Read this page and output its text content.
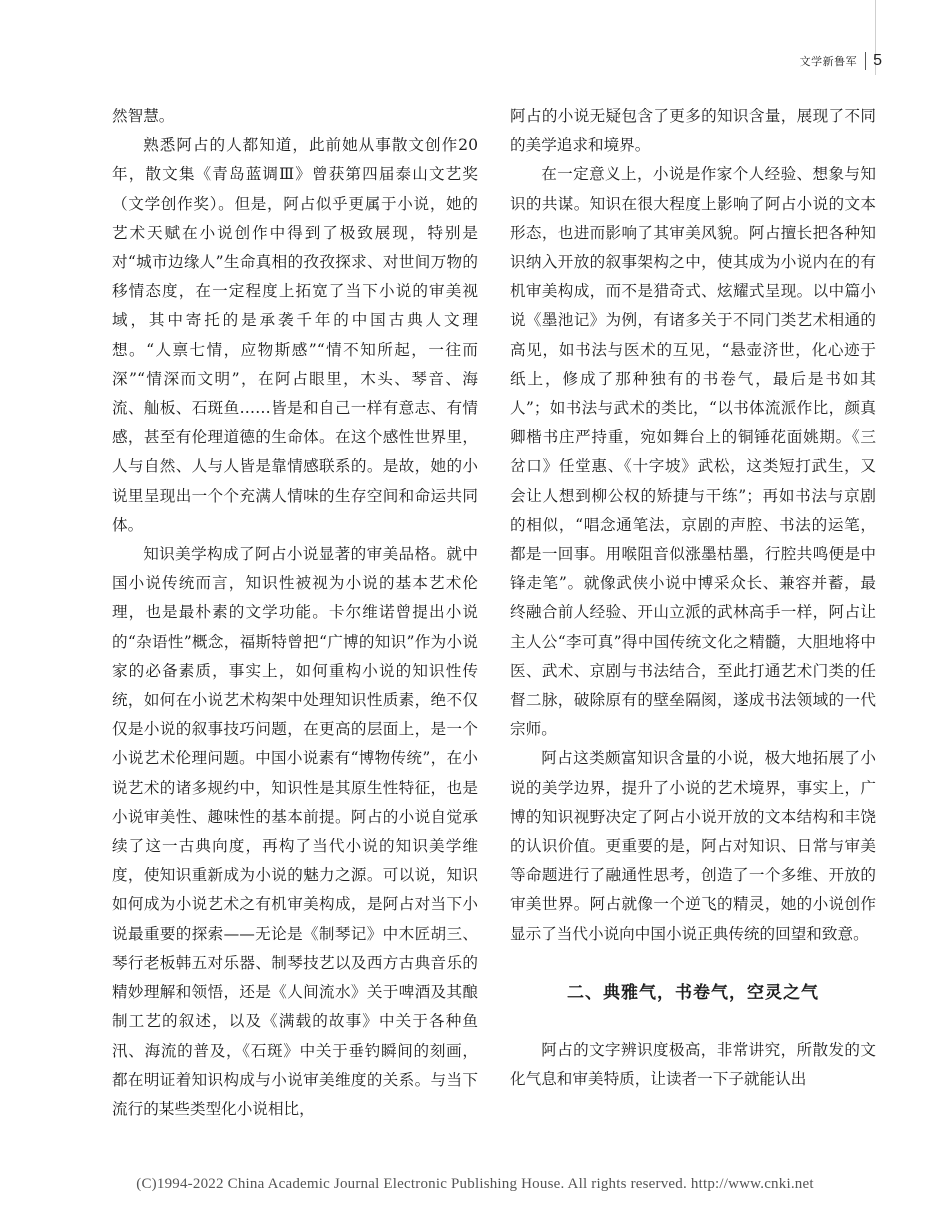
文学新鲁军 5

然智慧。

熟悉阿占的人都知道，此前她从事散文创作20年，散文集《青岛蓝调Ⅲ》曾获第四届泰山文艺奖（文学创作奖）。但是，阿占似乎更属于小说，她的艺术天赋在小说创作中得到了极致展现，特别是对“城市边缘人”生命真相的孜孜探求、对世间万物的移情态度，在一定程度上拓宽了当下小说的审美视域，其中寄托的是承袭千年的中国古典人文理想。“人禀七情，应物斯感”“情不知所起，一往而深”“情深而文明”，在阿占眼里，木头、琴音、海流、舢板、石斑鱼……皆是和自己一样有意志、有情感，甚至有伦理道德的生命体。在这个感性世界里，人与自然、人与人皆是靠情感联系的。是故，她的小说里呈现出一个个充满人情味的生存空间和命运共同体。

知识美学构成了阿占小说显著的审美品格。就中国小说传统而言，知识性被视为小说的基本艺术伦理，也是最朴素的文学功能。卡尔维诺曾提出小说的“杂语性”概念，福斯特曾把“广博的知识”作为小说家的必备素质，事实上，如何重构小说的知识性传统，如何在小说艺术构架中处理知识性质素，绝不仅仅是小说的叙事技巧问题，在更高的层面上，是一个小说艺术伦理问题。中国小说素有“博物传统”，在小说艺术的诸多规约中，知识性是其原生性特征，也是小说审美性、趣味性的基本前提。阿占的小说自觉承续了这一古典向度，再构了当代小说的知识美学维度，使知识重新成为小说的魅力之源。可以说，知识如何成为小说艺术之有机审美构成，是阿占对当下小说最重要的探索——无论是《制琴记》中木匠胡三、琴行老板韩五对乐器、制琴技艺以及西方古典音乐的精妙理解和领悟，还是《人间流水》关于啤酒及其酿制工艺的叙述，以及《满载的故事》中关于各种鱼汛、海流的普及，《石斑》中关于垂钓瞬间的刻画，都在明证着知识构成与小说审美维度的关系。与当下流行的某些类型化小说相比，

阿占的小说无疑包含了更多的知识含量，展现了不同的美学追求和境界。

在一定意义上，小说是作家个人经验、想象与知识的共谋。知识在很大程度上影响了阿占小说的文本形态，也进而影响了其审美风貌。阿占擅长把各种知识纳入开放的叙事架构之中，使其成为小说内在的有机审美构成，而不是猎奇式、炫耀式呈现。以中篇小说《墨池记》为例，有诸多关于不同门类艺术相通的高见，如书法与医术的互见，“悬壶济世，化心迹于纸上，修成了那种独有的书卷气，最后是书如其人”；如书法与武术的类比，“以书体流派作比，颜真卿楷书庄严持重，宛如舞台上的铜锤花面姚期。《三岔口》任堂惠、《十字坡》武松，这类短打武生，又会让人想到柳公权的矫捷与干练”；再如书法与京剧的相似，“唱念通笔法，京剧的声腔、书法的运笔，都是一回事。用喉阻音似涨墨枯墨，行腔共鸣便是中锋走笔”。就像武侠小说中博采众长、兼容并蓄，最终融合前人经验、开山立派的武林高手一样，阿占让主人公“李可真”得中国传统文化之精髓，大胆地将中医、武术、京剧与书法结合，至此打通艺术门类的任督二脉，破除原有的壁垒隔阂，遂成书法领域的一代宗师。

阿占这类颇富知识含量的小说，极大地拓展了小说的美学边界，提升了小说的艺术境界，事实上，广博的知识视野决定了阿占小说开放的文本结构和丰饶的认识价值。更重要的是，阿占对知识、日常与审美等命题进行了融通性思考，创造了一个多维、开放的审美世界。阿占就像一个逆飞的精灵，她的小说创作显示了当代小说向中国小说正典传统的回望和致意。

二、典雅气，书卷气，空灵之气

阿占的文字辨识度极高，非常讲究，所散发的文化气息和审美特质，让读者一下子就能认出

(C)1994-2022 China Academic Journal Electronic Publishing House. All rights reserved. http://www.cnki.net
